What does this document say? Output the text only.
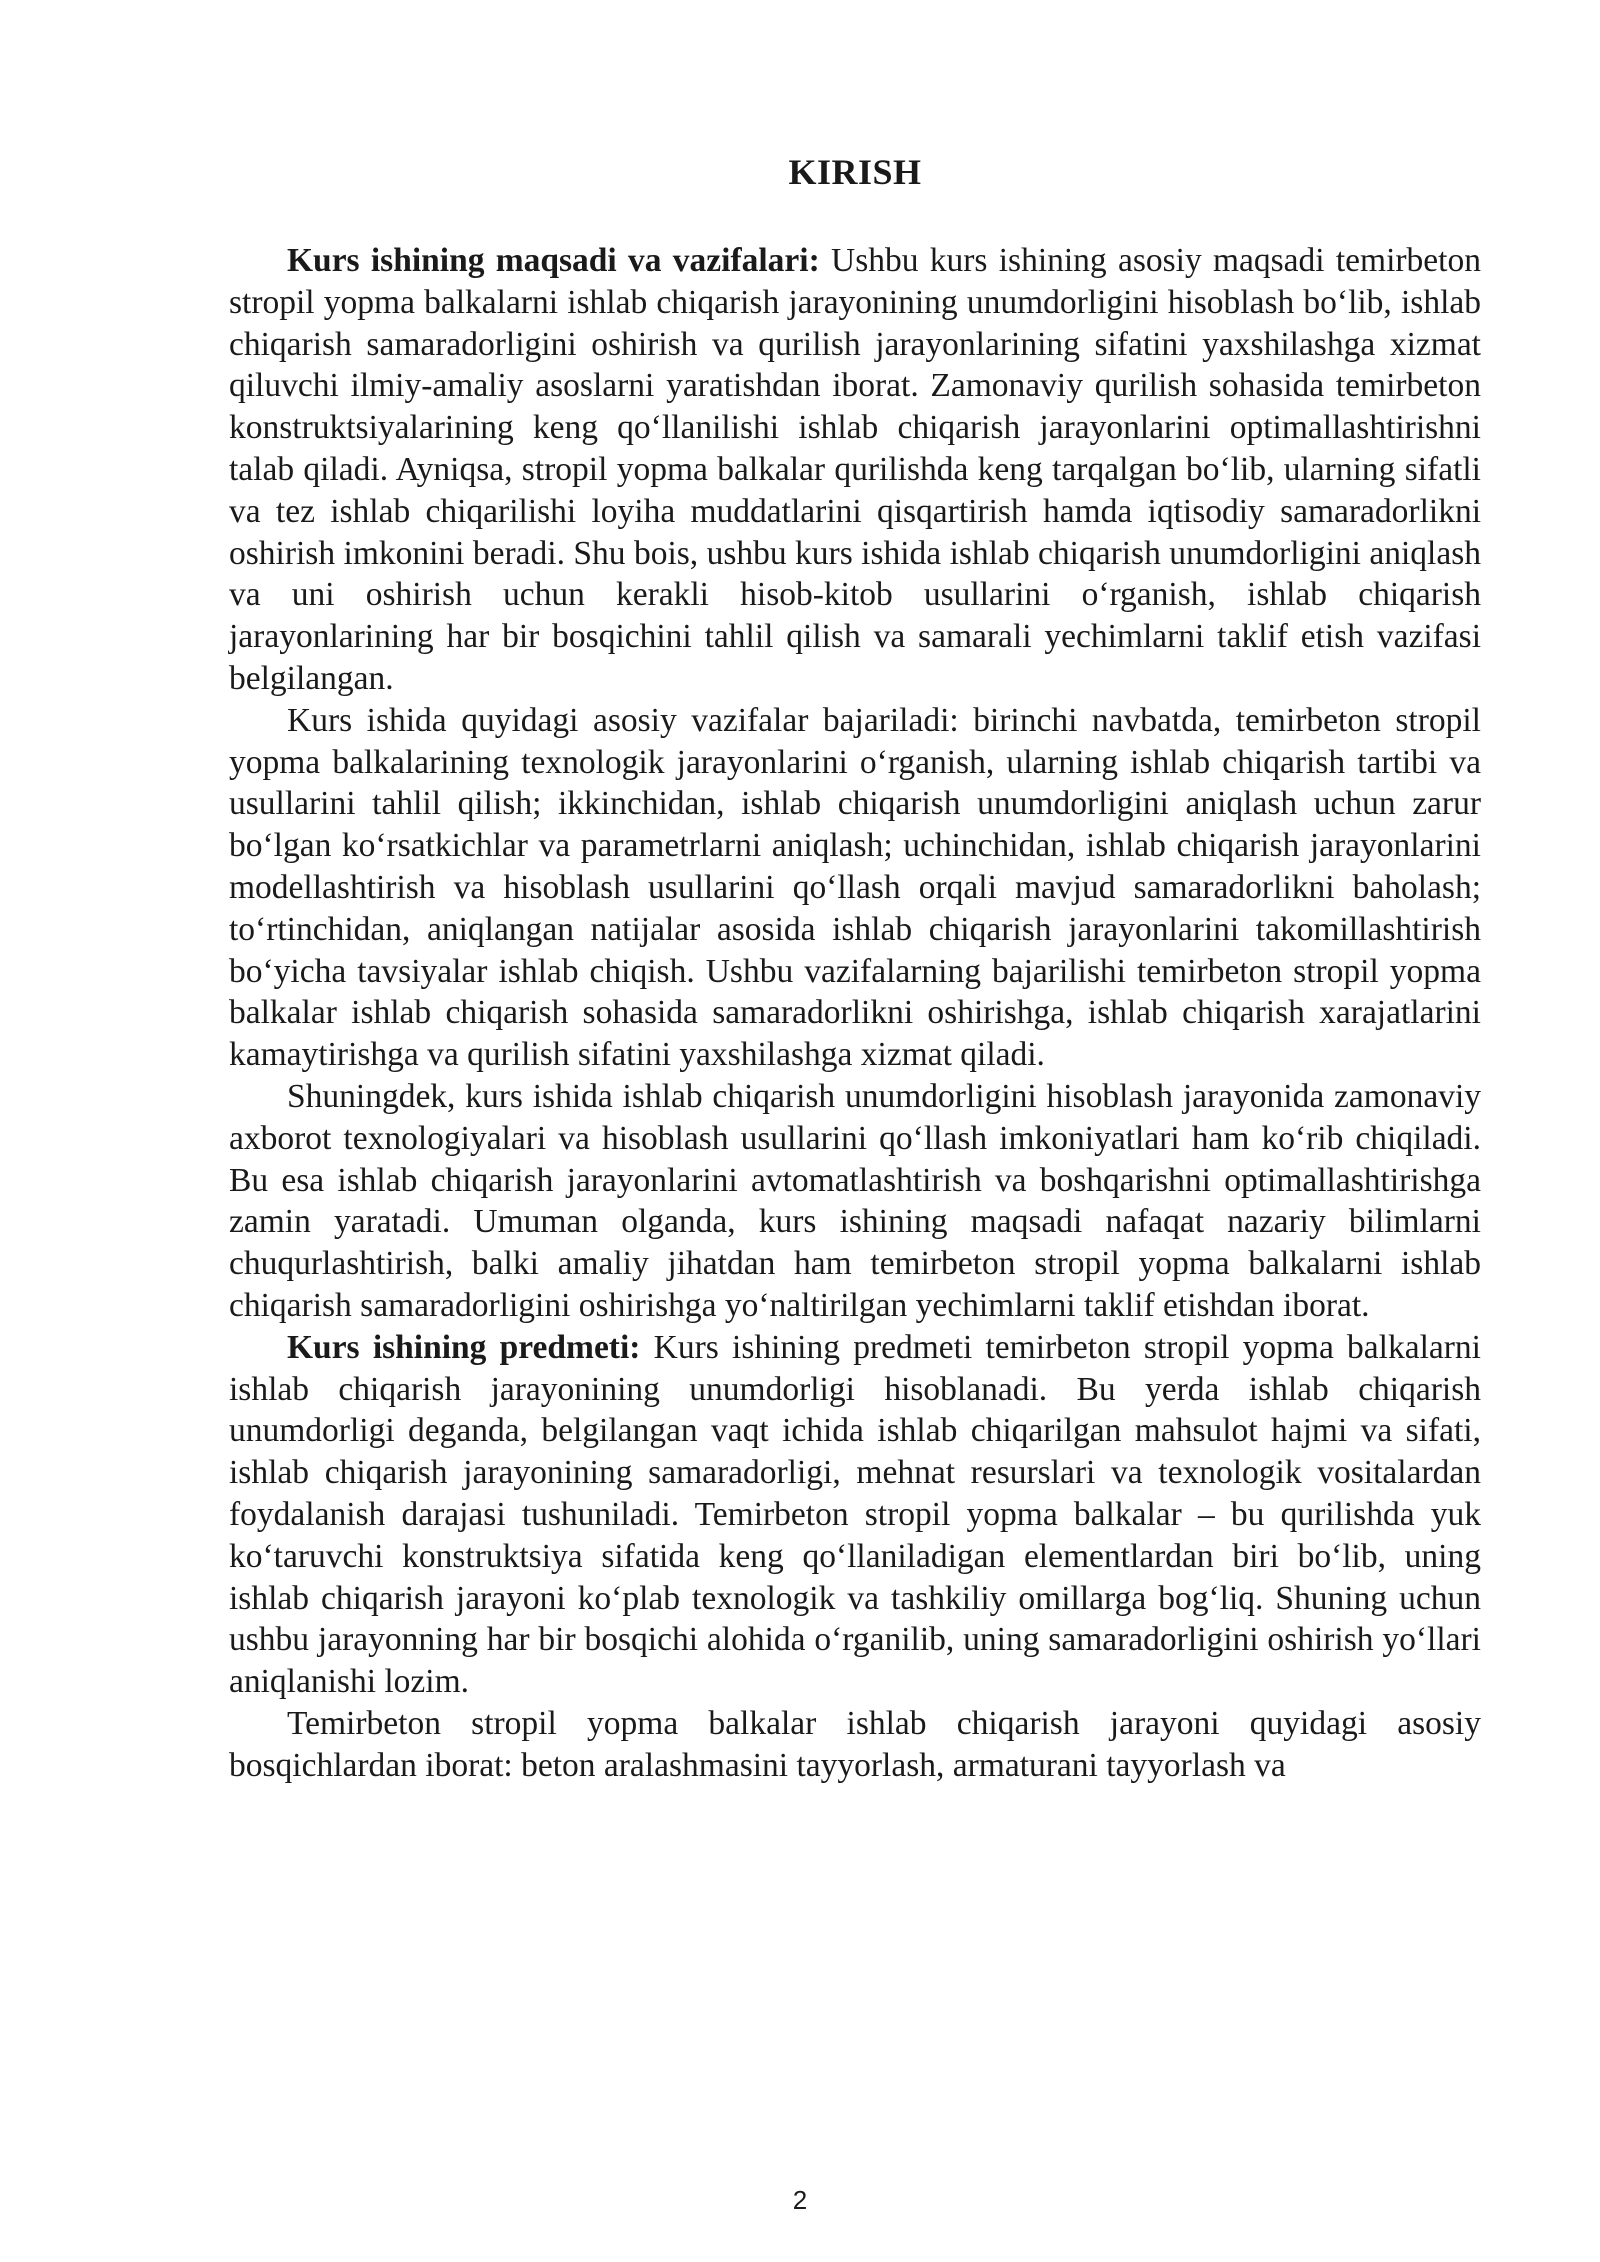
KIRISH

Kurs ishining maqsadi va vazifalari: Ushbu kurs ishining asosiy maqsadi temirbeton stropil yopma balkalarni ishlab chiqarish jarayonining unumdorligini hisoblash bo‘lib, ishlab chiqarish samaradorligini oshirish va qurilish jarayonlarining sifatini yaxshilashga xizmat qiluvchi ilmiy-amaliy asoslarni yaratishdan iborat. Zamonaviy qurilish sohasida temirbeton konstruktsiyalarining keng qo‘llanilishi ishlab chiqarish jarayonlarini optimallashtirishni talab qiladi. Ayniqsa, stropil yopma balkalar qurilishda keng tarqalgan bo‘lib, ularning sifatli va tez ishlab chiqarilishi loyiha muddatlarini qisqartirish hamda iqtisodiy samaradorlikni oshirish imkonini beradi. Shu bois, ushbu kurs ishida ishlab chiqarish unumdorligini aniqlash va uni oshirish uchun kerakli hisob-kitob usullarini o‘rganish, ishlab chiqarish jarayonlarining har bir bosqichini tahlil qilish va samarali yechimlarni taklif etish vazifasi belgilangan.

Kurs ishida quyidagi asosiy vazifalar bajariladi: birinchi navbatda, temirbeton stropil yopma balkalarining texnologik jarayonlarini o‘rganish, ularning ishlab chiqarish tartibi va usullarini tahlil qilish; ikkinchidan, ishlab chiqarish unumdorligini aniqlash uchun zarur bo‘lgan ko‘rsatkichlar va parametrlarni aniqlash; uchinchidan, ishlab chiqarish jarayonlarini modellashtirish va hisoblash usullarini qo‘llash orqali mavjud samaradorlikni baholash; to‘rtinchidan, aniqlangan natijalar asosida ishlab chiqarish jarayonlarini takomillashtirish bo‘yicha tavsiyalar ishlab chiqish. Ushbu vazifalarning bajarilishi temirbeton stropil yopma balkalar ishlab chiqarish sohasida samaradorlikni oshirishga, ishlab chiqarish xarajatlarini kamaytirishga va qurilish sifatini yaxshilashga xizmat qiladi.

Shuningdek, kurs ishida ishlab chiqarish unumdorligini hisoblash jarayonida zamonaviy axborot texnologiyalari va hisoblash usullarini qo‘llash imkoniyatlari ham ko‘rib chiqiladi. Bu esa ishlab chiqarish jarayonlarini avtomatlashtirish va boshqarishni optimallashtirishga zamin yaratadi. Umuman olganda, kurs ishining maqsadi nafaqat nazariy bilimlarni chuqurlashtirish, balki amaliy jihatdan ham temirbeton stropil yopma balkalarni ishlab chiqarish samaradorligini oshirishga yo‘naltirilgan yechimlarni taklif etishdan iborat.

Kurs ishining predmeti: Kurs ishining predmeti temirbeton stropil yopma balkalarni ishlab chiqarish jarayonining unumdorligi hisoblanadi. Bu yerda ishlab chiqarish unumdorligi deganda, belgilangan vaqt ichida ishlab chiqarilgan mahsulot hajmi va sifati, ishlab chiqarish jarayonining samaradorligi, mehnat resurslari va texnologik vositalardan foydalanish darajasi tushuniladi. Temirbeton stropil yopma balkalar – bu qurilishda yuk ko‘taruvchi konstruktsiya sifatida keng qo‘llaniladigan elementlardan biri bo‘lib, uning ishlab chiqarish jarayoni ko‘plab texnologik va tashkiliy omillarga bog‘liq. Shuning uchun ushbu jarayonning har bir bosqichi alohida o‘rganilib, uning samaradorligini oshirish yo‘llari aniqlanishi lozim.

Temirbeton stropil yopma balkalar ishlab chiqarish jarayoni quyidagi asosiy bosqichlardan iborat: beton aralashmasini tayyorlash, armaturani tayyorlash va

2
